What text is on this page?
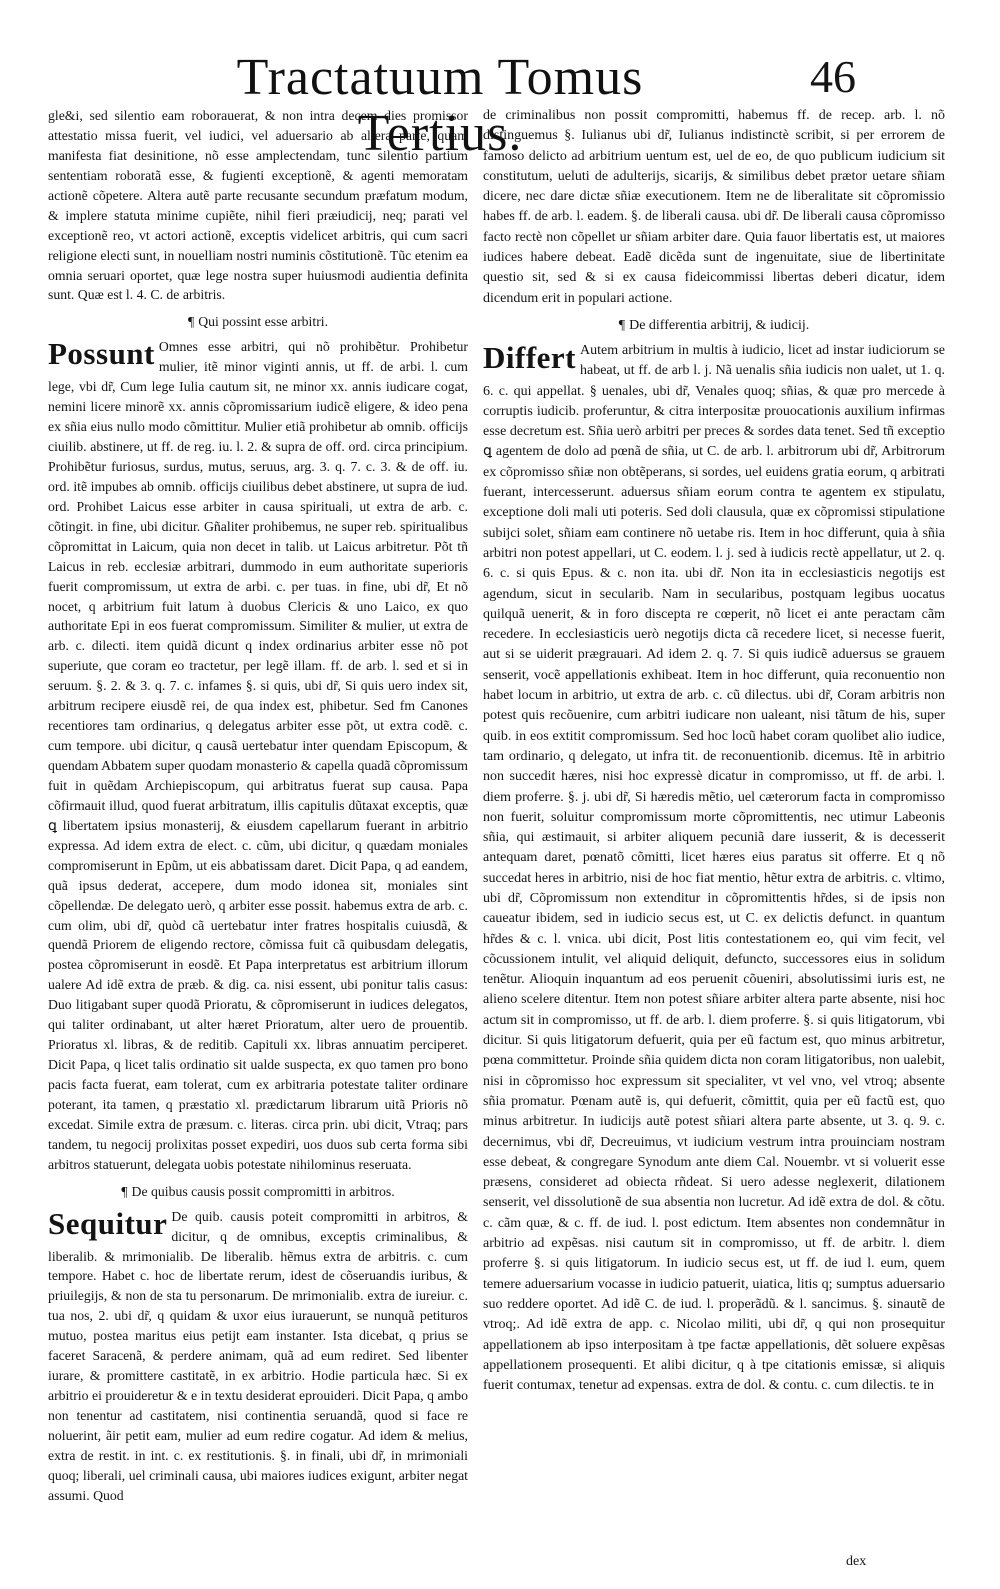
Tractatuum Tomus Tertius.
46

gle&i, sed silentio eam roborauerat, & non intra decem dies promissor attestatio missa fuerit, vel iudici, vel aduersario ab altera parte, quam manifesta fiat desinitione, nõ esse amplectendam, tunc silentio partium sententiam roboratã esse, & fugienti exceptionẽ, & agenti memoratam actionẽ cõpetere. Altera autẽ parte recusante secundum præfatum modum, & implere statuta minime cupiẽte, nihil fieri præiudicij, neq; parati vel exceptionẽ reo, vt actori actionẽ, exceptis videlicet arbitris, qui cum sacri religione electi sunt, in nouelliam nostri numinis cõstitutionẽ. Tũc etenim ea omnia seruari oportet, quæ lege nostra super huiusmodi audientia definita sunt. Quæ est l. 4. C. de arbitris.

¶ Qui possint esse arbitri.

Possunt Omnes esse arbitri, qui nõ prohibẽtur. Prohibetur mulier, itẽ minor viginti annis, ut ff. de arbi. l. cum lege, vbi dr̃, Cum lege Iulia cautum sit, ne minor xx. annis iudicare cogat, nemini licere minorẽ xx. annis cõpromissarium iudicẽ eligere, & ideo pena ex sñia eius nullo modo cõmittitur. Mulier etiã prohibetur ab omnib. officijs ciuilib. abstinere, ut ff. de reg. iu. l. 2. & supra de off. ord. circa principium. Prohibẽtur furiosus, surdus, mutus, seruus, arg. 3. q. 7. c. 3. & de off. iu. ord. itẽ impubes ab omnib. officijs ciuilibus debet abstinere, ut supra de iud. ord. Prohibet Laicus esse arbiter in causa spirituali, ut extra de arb. c. cõtingit. in fine, ubi dicitur. Gñaliter prohibemus, ne super reb. spiritualibus cõpromittat in Laicum, quia non decet in talib. ut Laicus arbitretur. Põt tñ Laicus in reb. ecclesiæ arbitrari, dummodo in eum authoritate superioris fuerit compromissum, ut extra de arbi. c. per tuas. in fine, ubi dr̃, Et nõ nocet, q arbitrium fuit latum à duobus Clericis & uno Laico, ex quo authoritate Epi in eos fuerat compromissum. Similiter & mulier, ut extra de arb. c. dilecti. item quidã dicunt q index ordinarius arbiter esse nõ pot superiute, que coram eo tractetur, per legẽ illam. ff. de arb. l. sed et si in seruum. §. 2. & 3. q. 7. c. infames §. si quis, ubi dr̃, Si quis uero index sit, arbitrum recipere eiusdẽ rei, de qua index est, phibetur. Sed fm Canones recentiores tam ordinarius, q delegatus arbiter esse põt, ut extra codẽ. c. cum tempore. ubi dicitur, q causã uertebatur inter quendam Episcopum, & quendam Abbatem super quodam monasterio & capella quadã cõpromissum fuit in quẽdam Archiepiscopum, qui arbitratus fuerat sup causa. Papa cõfirmauit illud, quod fuerat arbitratum, illis capitulis dũtaxat exceptis, quæ ꝗ libertatem ipsius monasterij, & eiusdem capellarum fuerant in arbitrio expressa. Ad idem extra de elect. c. cũm, ubi dicitur, q quædam moniales compromiserunt in Epũm, ut eis abbatissam daret. Dicit Papa, q ad eandem, quã ipsus dederat, accepere, dum modo idonea sit, moniales sint cõpellendæ. De delegato uerò, q arbiter esse possit. habemus extra de arb. c. cum olim, ubi dr̃, quòd cã uertebatur inter fratres hospitalis cuiusdã, & quendã Priorem de eligendo rectore, cõmissa fuit cã quibusdam delegatis, postea cõpromiserunt in eosdẽ. Et Papa interpretatus est arbitrium illorum ualere Ad idẽ extra de præb. & dig. ca. nisi essent, ubi ponitur talis casus: Duo litigabant super quodã Prioratu, & cõpromiserunt in iudices delegatos, qui taliter ordinabant, ut alter hæret Prioratum, alter uero de prouentib. Prioratus xl. libras, & de reditib. Capituli xx. libras annuatim perciperet. Dicit Papa, q licet talis ordinatio sit ualde suspecta, ex quo tamen pro bono pacis facta fuerat, eam tolerat, cum ex arbitraria potestate taliter ordinare poterant, ita tamen, q præstatio xl. prædictarum librarum uitã Prioris nõ excedat. Simile extra de præsum. c. literas. circa prin. ubi dicit, Vtraq; pars tandem, tu negocij prolixitas posset expediri, uos duos sub certa forma sibi arbitros statuerunt, delegata uobis potestate nihilominus reseruata.

¶ De quibus causis possit compromitti in arbitros.

Sequitur De quib. causis poteit compromitti in arbitros, & dicitur, q de omnibus, exceptis criminalibus, & liberalib. & mrimonialib. De liberalib. hẽmus extra de arbitris. c. cum tempore. Habet c. hoc de libertate rerum, idest de cõseruandis iuribus, & priuilegijs, & non de sta tu personarum. De mrimonialib. extra de iureiur. c. tua nos, 2. ubi dr̃, q quidam & uxor eius iurauerunt, se nunquã petituros mutuo, postea maritus eius petijt eam instanter. Ista dicebat, q prius se faceret Saracenã, & perdere animam, quã ad eum rediret. Sed libenter iurare, & promittere castitatẽ, in ex arbitrio. Hodie particula hæc. Si ex arbitrio ei prouideretur & e in textu desiderat eprouideri. Dicit Papa, q ambo non tenentur ad castitatem, nisi continentia seruandã, quod si face re noluerint, ãir petit eam, mulier ad eum redire cogatur. Ad idem & melius, extra de restit. in int. c. ex restitutionis. §. in finali, ubi dr̃, in mrimoniali quoq; liberali, uel criminali causa, ubi maiores iudices exigunt, arbiter negat assumi. Quod

de criminalibus non possit compromitti, habemus ff. de recep. arb. l. nõ distinguemus §. Iulianus ubi dr̃, Iulianus indistinctè scribit, si per errorem de famoso delicto ad arbitrium uentum est, uel de eo, de quo publicum iudicium sit constitutum, ueluti de adulterijs, sicarijs, & similibus debet prætor uetare sñiam dicere, nec dare dictæ sñiæ executionem. Item ne de liberalitate sit cõpromissio habes ff. de arb. l. eadem. §. de liberali causa. ubi dr̃. De liberali causa cõpromisso facto rectè non cõpellet ur sñiam arbiter dare. Quia fauor libertatis est, ut maiores iudices habere debeat. Eadẽ dicẽda sunt de ingenuitate, siue de libertinitate questio sit, sed & si ex causa fideicommissi libertas deberi dicatur, idem dicendum erit in populari actione.

¶ De differentia arbitrij, & iudicij.

Differt Autem arbitrium in multis à iudicio, licet ad instar iudiciorum se habeat, ut ff. de arb l. j. Nã uenalis sñia iudicis non ualet, ut 1. q. 6. c. qui appellat. § uenales, ubi dr̃, Venales quoq; sñias, & quæ pro mercede à corruptis iudicib. proferuntur, & citra interpositæ prouocationis auxilium infirmas esse decretum est. Sñia uerò arbitri per preces & sordes data tenet. Sed tñ exceptio ꝗ agentem de dolo ad pœnã de sñia, ut C. de arb. l. arbitrorum ubi dr̃, Arbitrorum ex cõpromisso sñiæ non obtẽperans, si sordes, uel euidens gratia eorum, q arbitrati fuerant, intercesserunt. aduersus sñiam eorum contra te agentem ex stipulatu, exceptione doli mali uti poteris. Sed doli clausula, quæ ex cõpromissi stipulatione subijci solet, sñiam eam continere nõ uetabe ris. Item in hoc differunt, quia à sñia arbitri non potest appellari, ut C. eodem. l. j. sed à iudicis rectè appellatur, ut 2. q. 6. c. si quis Epus. & c. non ita. ubi dr̃. Non ita in ecclesiasticis negotijs est agendum, sicut in secularib. Nam in secularibus, postquam legibus uocatus quilquã uenerit, & in foro discepta re cœperit, nõ licet ei ante peractam cãm recedere. In ecclesiasticis uerò negotijs dicta cã recedere licet, si necesse fuerit, aut si se uiderit prægrauari. Ad idem 2. q. 7. Si quis iudicẽ aduersus se grauem senserit, vocẽ appellationis exhibeat. Item in hoc differunt, quia reconuentio non habet locum in arbitrio, ut extra de arb. c. cũ dilectus. ubi dr̃, Coram arbitris non potest quis recõuenire, cum arbitri iudicare non ualeant, nisi tãtum de his, super quib. in eos extitit compromissum. Sed hoc locũ habet coram quolibet alio iudice, tam ordinario, q delegato, ut infra tit. de reconuentionib. dicemus. Itẽ in arbitrio non succedit hæres, nisi hoc expressè dicatur in compromisso, ut ff. de arbi. l. diem proferre. §. j. ubi dr̃, Si hæredis mẽtio, uel cæterorum facta in compromisso non fuerit, soluitur compromissum morte cõpromittentis, nec utimur Labeonis sñia, qui æstimauit, si arbiter aliquem pecuniã dare iusserit, & is decesserit antequam daret, pœnatõ cõmitti, licet hæres eius paratus sit offerre. Et q nõ succedat heres in arbitrio, nisi de hoc fiat mentio, hẽtur extra de arbitris. c. vltimo, ubi dr̃, Cõpromissum non extenditur in cõpromittentis hr̃des, si de ipsis non caueatur ibidem, sed in iudicio secus est, ut C. ex delictis defunct. in quantum hr̃des & c. l. vnica. ubi dicit, Post litis contestationem eo, qui vim fecit, vel cõcussionem intulit, vel aliquid deliquit, defuncto, successores eius in solidum tenẽtur. Alioquin inquantum ad eos peruenit cõueniri, absolutissimi iuris est, ne alieno scelere ditentur. Item non potest sñiare arbiter altera parte absente, nisi hoc actum sit in compromisso, ut ff. de arb. l. diem proferre. §. si quis litigatorum, vbi dicitur. Si quis litigatorum defuerit, quia per eũ factum est, quo minus arbitretur, pœna committetur. Proinde sñia quidem dicta non coram litigatoribus, non ualebit, nisi in cõpromisso hoc expressum sit specialiter, vt vel vno, vel vtroq; absente sñia promatur. Pœnam autẽ is, qui defuerit, cõmittit, quia per eũ factũ est, quo minus arbitretur. In iudicijs autẽ potest sñiari altera parte absente, ut 3. q. 9. c. decernimus, vbi dr̃, Decreuimus, vt iudicium vestrum intra prouinciam nostram esse debeat, & congregare Synodum ante diem Cal. Nouembr. vt si voluerit esse præsens, consideret ad obiecta rñdeat. Si uero adesse neglexerit, dilationem senserit, vel dissolutionẽ de sua absentia non lucretur. Ad idẽ extra de dol. & cõtu. c. cãm quæ, & c. ff. de iud. l. post edictum. Item absentes non condemnãtur in arbitrio ad expẽsas. nisi cautum sit in compromisso, ut ff. de arbitr. l. diem proferre §. si quis litigatorum. In iudicio secus est, ut ff. de iud l. eum, quem temere aduersarium vocasse in iudicio patuerit, uiatica, litis q; sumptus aduersario suo reddere oportet. Ad idẽ C. de iud. l. properãdũ. & l. sancimus. §. sinautẽ de vtroq;. Ad idẽ extra de app. c. Nicolao militi, ubi dr̃, q qui non prosequitur appellationem ab ipso interpositam à tpe factæ appellationis, dẽt soluere expẽsas appellationem prosequenti. Et alibi dicitur, q à tpe citationis emissæ, si aliquis fuerit contumax, tenetur ad expensas. extra de dol. & contu. c. cum dilectis. te in

dex
